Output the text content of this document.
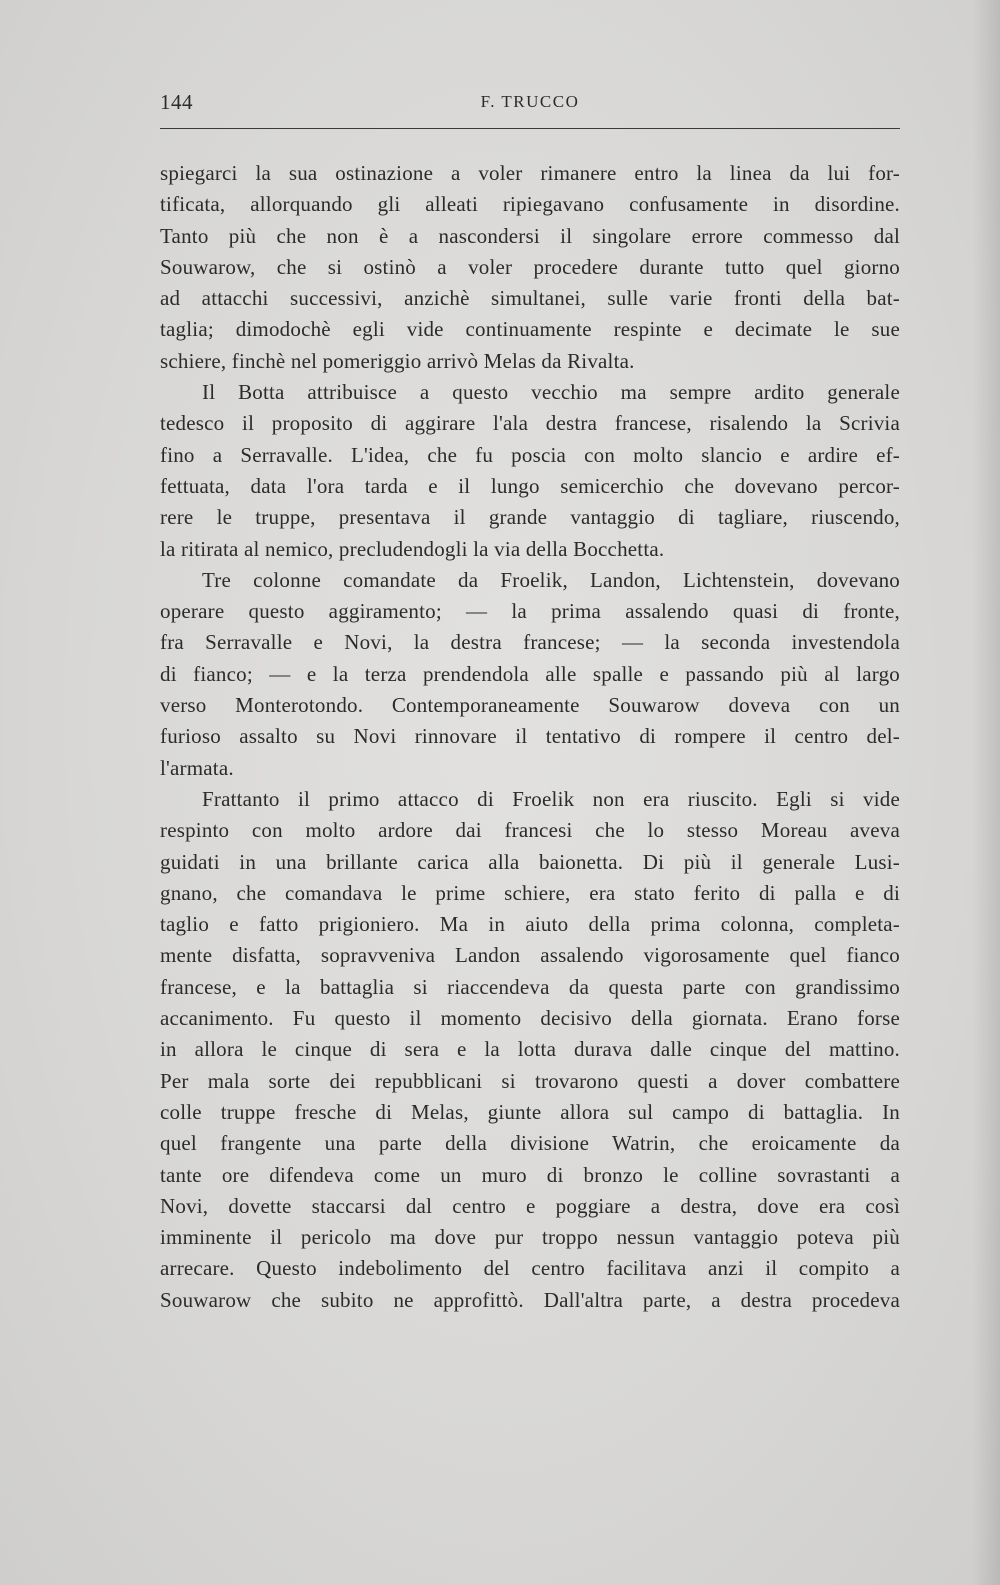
144	F. TRUCCO
spiegarci la sua ostinazione a voler rimanere entro la linea da lui for-
tificata, allorquando gli alleati ripiegavano confusamente in disordine.
Tanto più che non è a nascondersi il singolare errore commesso dal
Souwarow, che si ostinò a voler procedere durante tutto quel giorno
ad attacchi successivi, anzichè simultanei, sulle varie fronti della bat-
taglia; dimodochè egli vide continuamente respinte e decimate le sue
schiere, finchè nel pomeriggio arrivò Melas da Rivalta.
Il Botta attribuisce a questo vecchio ma sempre ardito generale
tedesco il proposito di aggirare l'ala destra francese, risalendo la Scrivia
fino a Serravalle. L'idea, che fu poscia con molto slancio e ardire ef-
fettuata, data l'ora tarda e il lungo semicerchio che dovevano percor-
rere le truppe, presentava il grande vantaggio di tagliare, riuscendo,
la ritirata al nemico, precludendogli la via della Bocchetta.
Tre colonne comandate da Froelik, Landon, Lichtenstein, dovevano
operare questo aggiramento; — la prima assalendo quasi di fronte,
fra Serravalle e Novi, la destra francese; — la seconda investendola
di fianco; — e la terza prendendola alle spalle e passando più al largo
verso Monterotondo. Contemporaneamente Souwarow doveva con un
furioso assalto su Novi rinnovare il tentativo di rompere il centro del-
l'armata.
Frattanto il primo attacco di Froelik non era riuscito. Egli si vide
respinto con molto ardore dai francesi che lo stesso Moreau aveva
guidati in una brillante carica alla baionetta. Di più il generale Lusi-
gnano, che comandava le prime schiere, era stato ferito di palla e di
taglio e fatto prigioniero. Ma in aiuto della prima colonna, completa-
mente disfatta, sopravveniva Landon assalendo vigorosamente quel fianco
francese, e la battaglia si riaccendeva da questa parte con grandissimo
accanimento. Fu questo il momento decisivo della giornata. Erano forse
in allora le cinque di sera e la lotta durava dalle cinque del mattino.
Per mala sorte dei repubblicani si trovarono questi a dover combattere
colle truppe fresche di Melas, giunte allora sul campo di battaglia. In
quel frangente una parte della divisione Watrin, che eroicamente da
tante ore difendeva come un muro di bronzo le colline sovrastanti a
Novi, dovette staccarsi dal centro e poggiare a destra, dove era così
imminente il pericolo ma dove pur troppo nessun vantaggio poteva più
arrecare. Questo indebolimento del centro facilitava anzi il compito a
Souwarow che subito ne approfittò. Dall'altra parte, a destra procedeva
